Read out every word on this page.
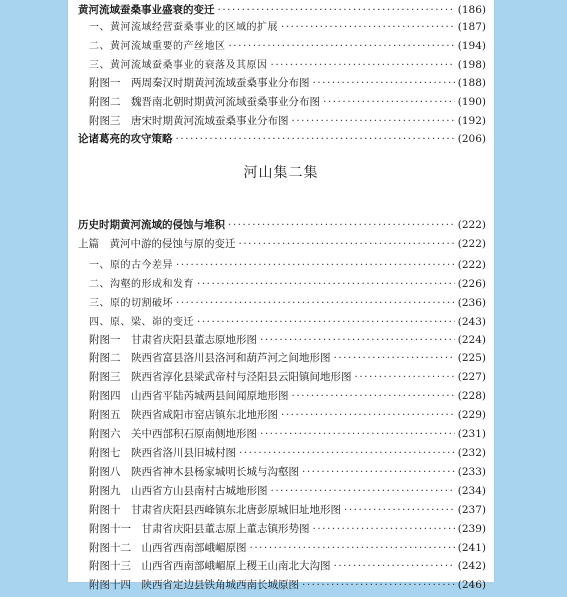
黄河流域蚕桑事业盛衰的变迁 ·····	(186)
一、黄河流域经营蚕桑事业的区域的扩展 ·····	(187)
二、黄河流域重要的产丝地区 ·····	(194)
三、黄河流域蚕桑事业的衰落及其原因 ·····	(198)
附图一　两周秦汉时期黄河流域蚕桑事业分布图 ·····	(188)
附图二　魏晋南北朝时期黄河流域蚕桑事业分布图 ·····	(190)
附图三　唐宋时期黄河流域蚕桑事业分布图 ·····	(192)
论诸葛亮的攻守策略 ·····	(206)
河山集二集
历史时期黄河流域的侵蚀与堆积 ·····	(222)
上篇　黄河中游的侵蚀与原的变迁 ·····	(222)
一、原的古今差异 ·····	(222)
二、沟壑的形成和发育 ·····	(226)
三、原的切割破坏 ·····	(236)
四、原、梁、峁的变迁 ·····	(243)
附图一　甘肃省庆阳县董志原地形图 ·····	(224)
附图二　陕西省富县洛川县洛河和葫芦河之间地形图 ·····	(225)
附图三　陕西省淳化县梁武帝村与泾阳县云阳镇间地形图 ·····	(227)
附图四　山西省平陆芮城两县间闻原地形图 ·····	(228)
附图五　陕西省咸阳市窑店镇东北地形图 ·····	(229)
附图六　关中西部积石原南侧地形图 ·····	(231)
附图七　陕西省洛川县旧城村图 ·····	(232)
附图八　陕西省神木县杨家城明长城与沟壑图 ·····	(233)
附图九　山西省方山县南村古城地形图 ·····	(234)
附图十　甘肃省庆阳县西峰镇东北唐彭原城旧址地形图 ·····	(237)
附图十一　甘肃省庆阳县董志原上董志镇形势图 ·····	(239)
附图十二　山西省西南部峨嵋原图 ·····	(241)
附图十三　山西省西南部峨嵋原上稷王山南北大沟图 ·····	(242)
附图十四　陕西省定边县铁角城西南长城原图 ·····	(246)
